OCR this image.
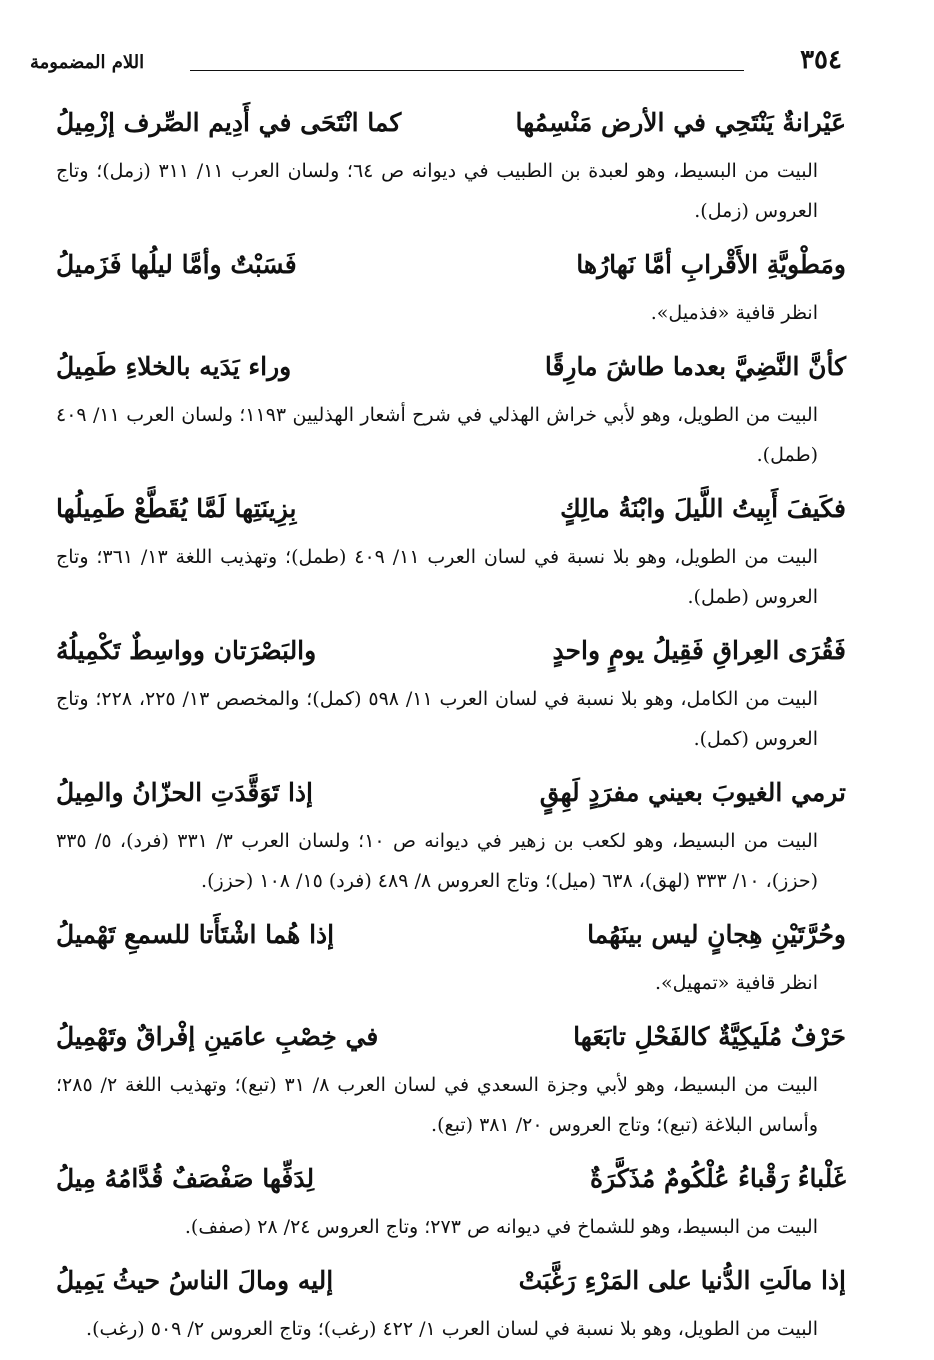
٣٥٤
اللام المضمومة
عَيْرانةٌ يَنْتَحِي في الأرض مَنْسِمُها
كما انْتَحَى في أَدِيم الصِّرف إزْمِيلُ

البيت من البسيط، وهو لعبدة بن الطبيب في ديوانه ص ٦٤؛ ولسان العرب ١١/ ٣١١ (زمل)؛ وتاج العروس (زمل).

ومَطْويَّةِ الأَقْرابِ أمَّا نَهارُها
فَسَبْتٌ وأمَّا ليلُها فَزَميلُ

انظر قافية «فذميل».

كأنَّ النَّضِيَّ بعدما طاشَ مارِقًا
وراء يَدَيه بالخلاءِ طَمِيلُ

البيت من الطويل، وهو لأبي خراش الهذلي في شرح أشعار الهذليين ١١٩٣؛ ولسان العرب ١١/ ٤٠٩ (طمل).

فكَيفَ أَبِيتُ اللَّيلَ وابْنَةُ مالِكٍ
بِزِينَتِها لَمَّا يُقَطَّعْ طَمِيلُها

البيت من الطويل، وهو بلا نسبة في لسان العرب ١١/ ٤٠٩ (طمل)؛ وتهذيب اللغة ١٣/ ٣٦١؛ وتاج العروس (طمل).

فَقُرَى العِراقِ فَقِيلُ يومٍ واحدٍ
والبَصْرَتان وواسِطٌ تَكْمِيلُهُ

البيت من الكامل، وهو بلا نسبة في لسان العرب ١١/ ٥٩٨ (كمل)؛ والمخصص ١٣/ ٢٢٥، ٢٢٨؛ وتاج العروس (كمل).

ترمي الغيوبَ بعيني مفرَدٍ لَهِقٍ
إذا تَوَقَّدَتِ الحزّانُ والمِيلُ

البيت من البسيط، وهو لكعب بن زهير في ديوانه ص ١٠؛ ولسان العرب ٣/ ٣٣١ (فرد)، ٥/ ٣٣٥ (حزز)، ١٠/ ٣٣٣ (لهق)، ٦٣٨ (ميل)؛ وتاج العروس ٨/ ٤٨٩ (فرد) ١٥/ ١٠٨ (حزز).

وحُرَّتَيْنِ هِجانٍ ليس بينَهُما
إذا هُما اشْتَأَتا للسمعِ تَهْميلُ

انظر قافية «تمهيل».

حَرْفٌ مُلَيكِيَّةٌ كالفَحْلِ تابَعَها
في خِصْبِ عامَينِ إفْراقٌ وتَهْمِيلُ

البيت من البسيط، وهو لأبي وجزة السعدي في لسان العرب ٨/ ٣١ (تبع)؛ وتهذيب اللغة ٢/ ٢٨٥؛ وأساس البلاغة (تبع)؛ وتاج العروس ٢٠/ ٣٨١ (تبع).

غَلْباءُ رَقْباءُ عُلْكُومٌ مُذَكَّرَةٌ
لِدَفِّها صَفْصَفٌ قُدَّامُهُ مِيلُ

البيت من البسيط، وهو للشماخ في ديوانه ص ٢٧٣؛ وتاج العروس ٢٤/ ٢٨ (صفف).

إذا مالَتِ الدُّنيا على المَرْءِ رَغَّبَتْ
إليه ومالَ الناسُ حيثُ يَمِيلُ

البيت من الطويل، وهو بلا نسبة في لسان العرب ١/ ٤٢٢ (رغب)؛ وتاج العروس ٢/ ٥٠٩ (رغب).
